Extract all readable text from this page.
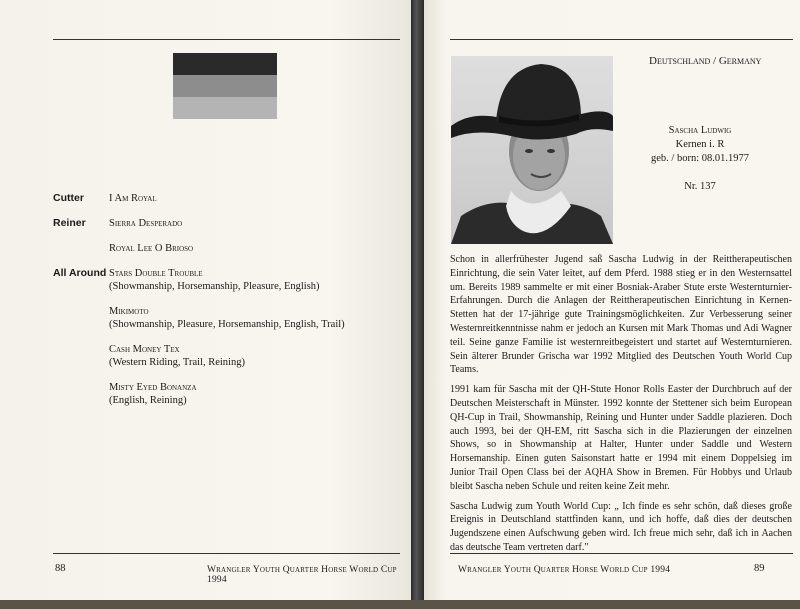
Cutter I Am Royal
Reiner Sierra Desperado
Royal Lee O Brioso
All Around Stars Double Trouble
(Showmanship, Horsemanship, Pleasure, English)
Mikimoto
(Showmanship, Pleasure, Horsemanship, English, Trail)
Cash Money Tex
(Western Riding, Trail, Reining)
Misty Eyed Bonanza
(English, Reining)
88	Wrangler Youth Quarter Horse World Cup 1994
Deutschland / Germany
Sascha Ludwig
Kernen i. R
geb. / born: 08.01.1977
Nr. 137

Schon in allerfrühester Jugend saß Sascha Ludwig in der Reittherapeutischen Einrichtung, die sein Vater leitet, auf dem Pferd. 1988 stieg er in den Westernsattel um. Bereits 1989 sammelte er mit einer Bosniak-Araber Stute erste Westernturnier-Erfahrungen. Durch die Anlagen der Reittherapeutischen Einrichtung in Kernen-Stetten hat der 17-jährige gute Trainingsmöglichkeiten. Zur Verbesserung seiner Westernreitkenntnisse nahm er jedoch an Kursen mit Mark Thomas und Adi Wagner teil. Seine ganze Familie ist westernreitbegeistert und startet auf Westernturnieren. Sein älterer Brunder Grischa war 1992 Mitglied des Deutschen Youth World Cup Teams.

1991 kam für Sascha mit der QH-Stute Honor Rolls Easter der Durchbruch auf der Deutschen Meisterschaft in Münster. 1992 konnte der Stettener sich beim European QH-Cup in Trail, Showmanship, Reining und Hunter under Saddle plazieren. Doch auch 1993, bei der QH-EM, ritt Sascha sich in die Plazierungen der einzelnen Shows, so in Showmanship at Halter, Hunter under Saddle und Western Horsemanship. Einen guten Saisonstart hatte er 1994 mit einem Doppelsieg im Junior Trail Open Class bei der AQHA Show in Bremen. Für Hobbys und Urlaub bleibt Sascha neben Schule und reiten keine Zeit mehr.

Sascha Ludwig zum Youth World Cup: „ Ich finde es sehr schön, daß dieses große Ereignis in Deutschland stattfinden kann, und ich hoffe, daß dies der deutschen Jugendszene einen Aufschwung geben wird. Ich freue mich sehr, daß ich in Aachen das deutsche Team vertreten darf."

Wrangler Youth Quarter Horse World Cup 1994	89
